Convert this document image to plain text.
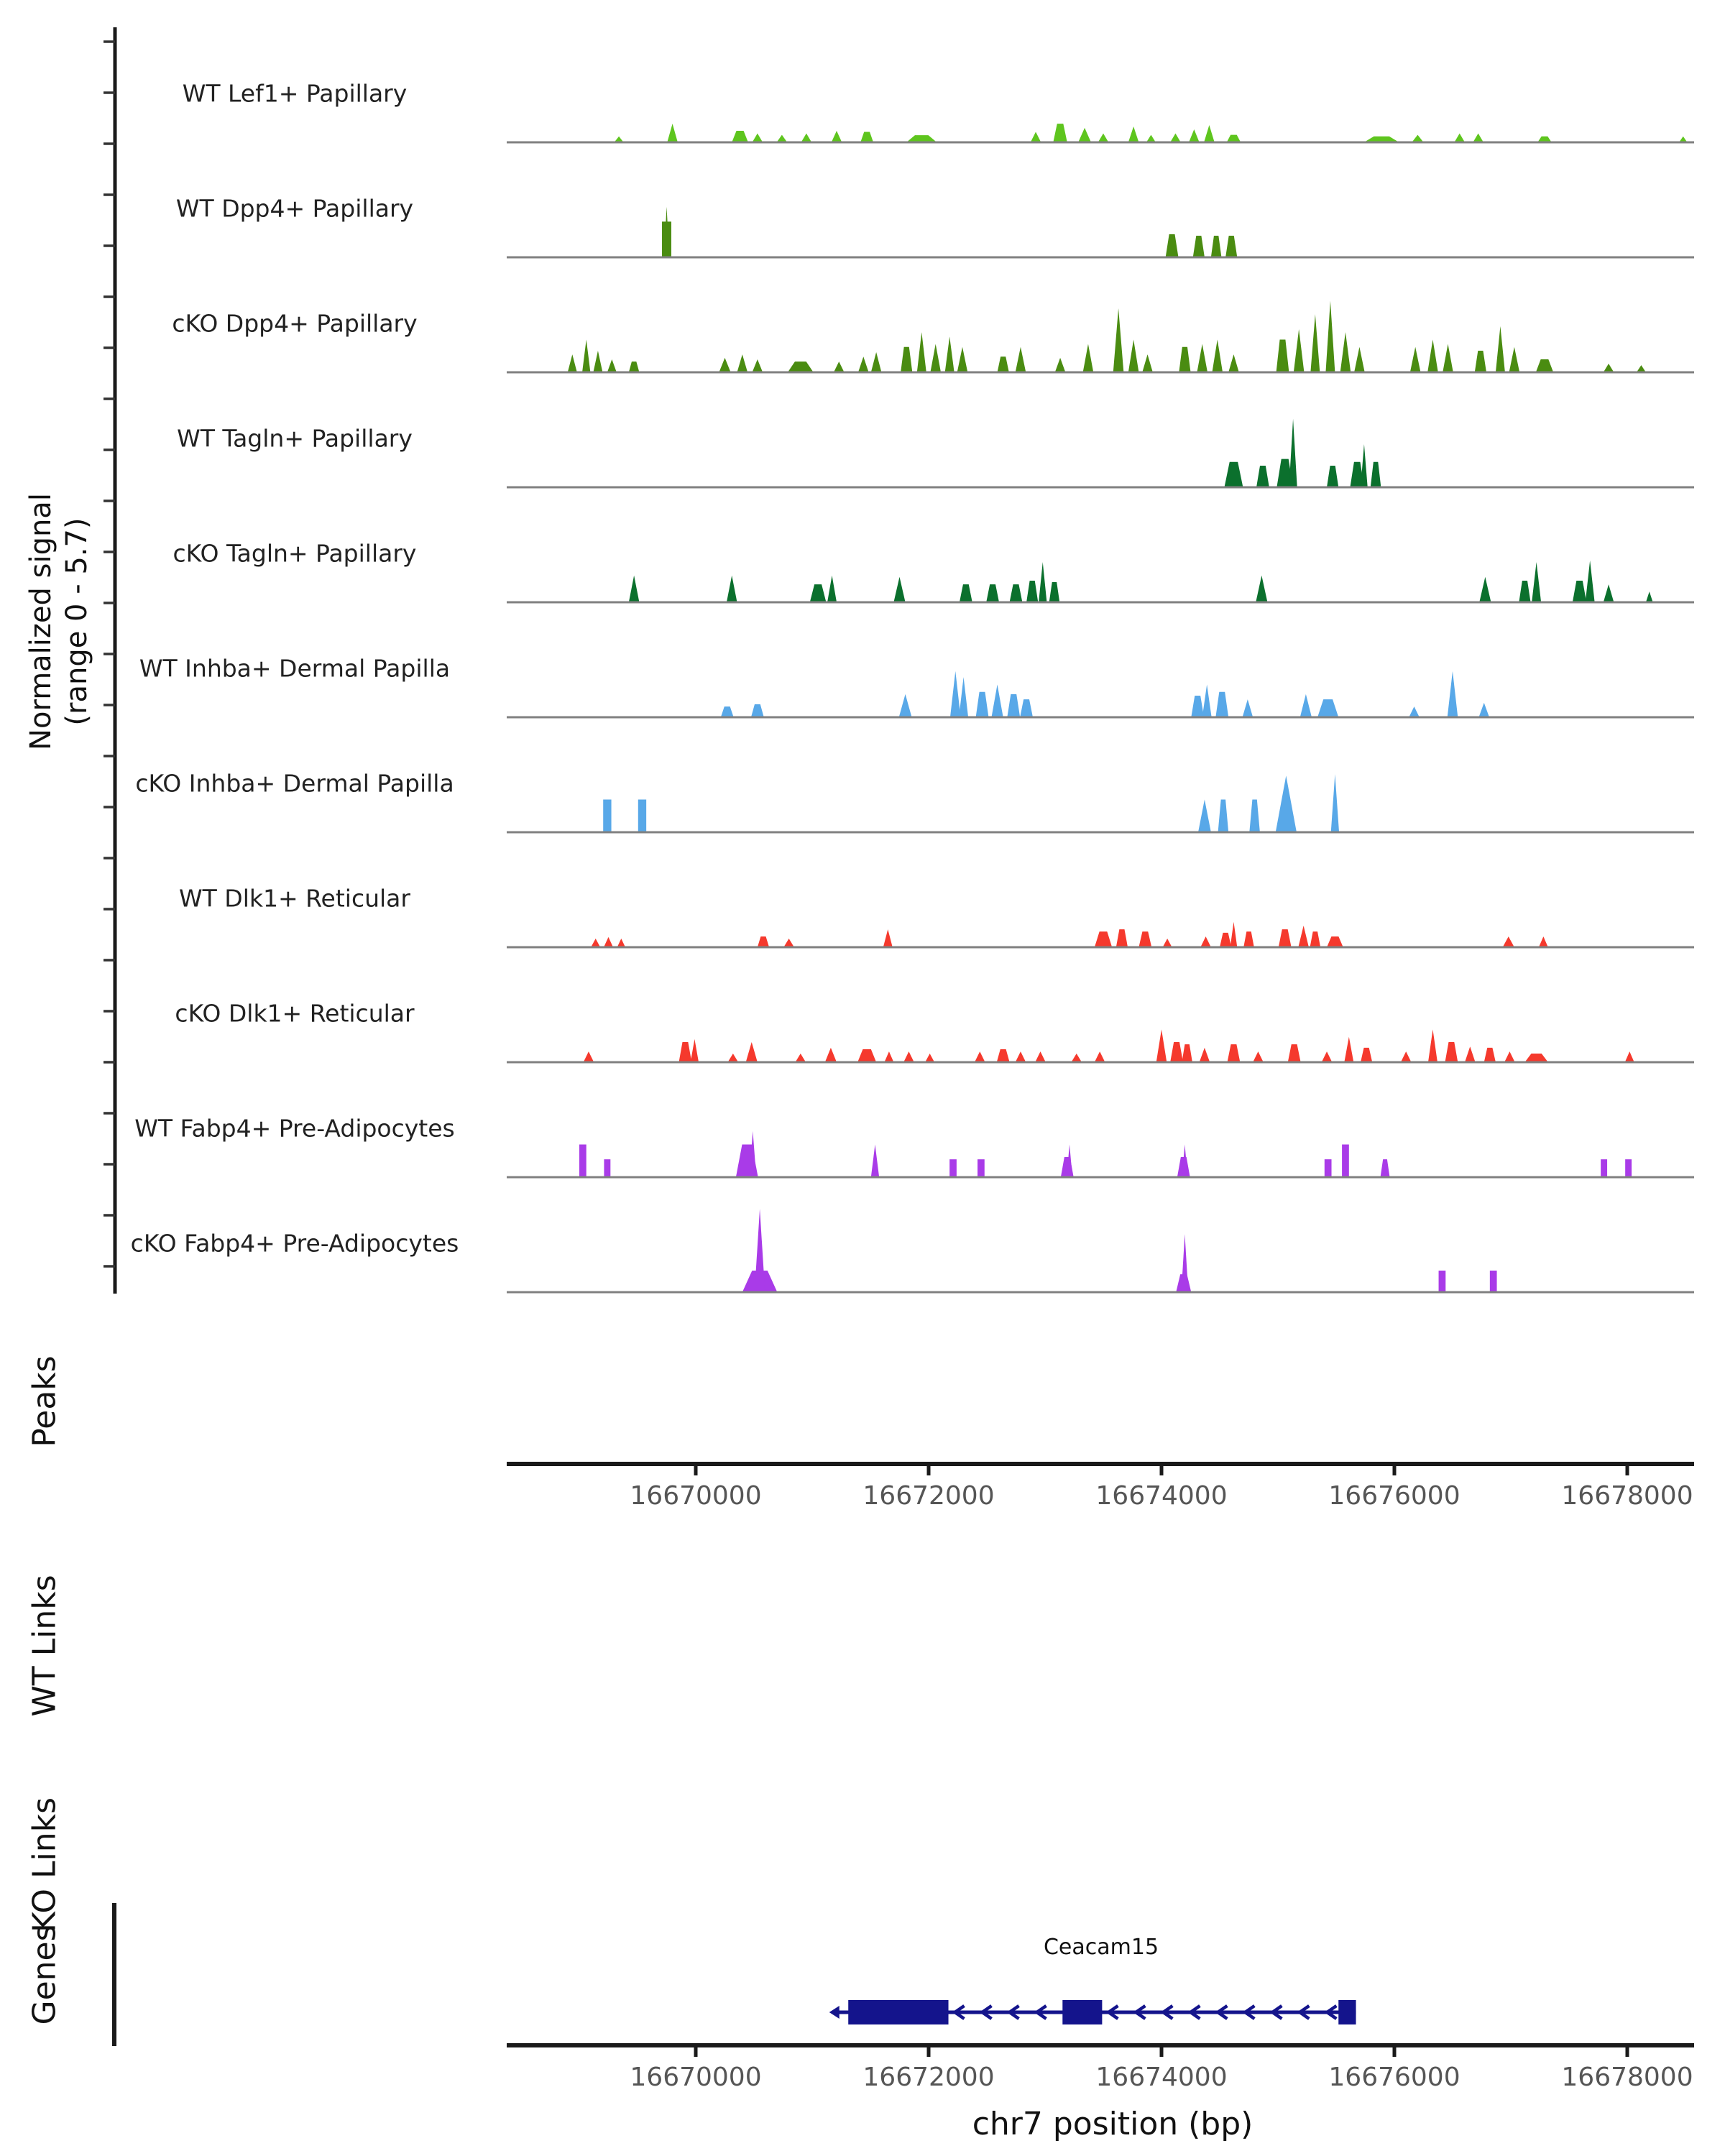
Normalized signal (range 0 - 5.7)
WT Lef1+ Papillary
WT Dpp4+ Papillary
cKO Dpp4+ Papillary
WT Tagln+ Papillary
cKO Tagln+ Papillary
WT Inhba+ Dermal Papilla
cKO Inhba+ Dermal Papilla
WT Dlk1+ Reticular
cKO Dlk1+ Reticular
WT Fabp4+ Pre-Adipocytes
cKO Fabp4+ Pre-Adipocytes
Peaks
WT Links
KO Links
Genes
16670000	16672000	16674000	16676000	16678000
16670000	16672000	16674000	16676000	16678000
Ceacam15
chr7 position (bp)
